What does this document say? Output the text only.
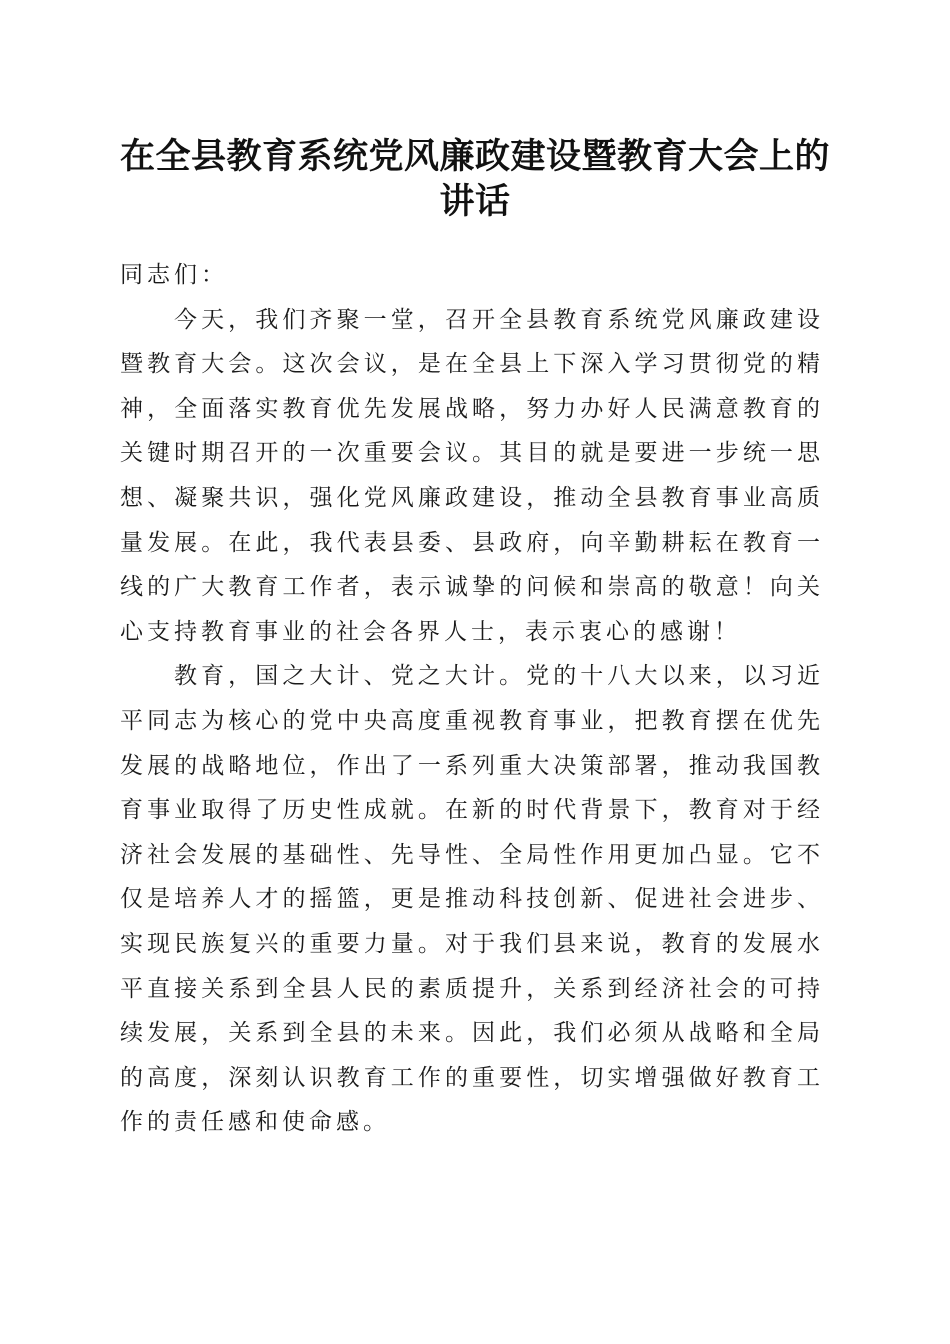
在全县教育系统党风廉政建设暨教育大会上的讲话

同志们：

今天，我们齐聚一堂，召开全县教育系统党风廉政建设暨教育大会。这次会议，是在全县上下深入学习贯彻党的精神，全面落实教育优先发展战略，努力办好人民满意教育的关键时期召开的一次重要会议。其目的就是要进一步统一思想、凝聚共识，强化党风廉政建设，推动全县教育事业高质量发展。在此，我代表县委、县政府，向辛勤耕耘在教育一线的广大教育工作者，表示诚挚的问候和崇高的敬意！向关心支持教育事业的社会各界人士，表示衷心的感谢！

教育，国之大计、党之大计。党的十八大以来，以习近平同志为核心的党中央高度重视教育事业，把教育摆在优先发展的战略地位，作出了一系列重大决策部署，推动我国教育事业取得了历史性成就。在新的时代背景下，教育对于经济社会发展的基础性、先导性、全局性作用更加凸显。它不仅是培养人才的摇篮，更是推动科技创新、促进社会进步、实现民族复兴的重要力量。对于我们县来说，教育的发展水平直接关系到全县人民的素质提升，关系到经济社会的可持续发展，关系到全县的未来。因此，我们必须从战略和全局的高度，深刻认识教育工作的重要性，切实增强做好教育工作的责任感和使命感。
